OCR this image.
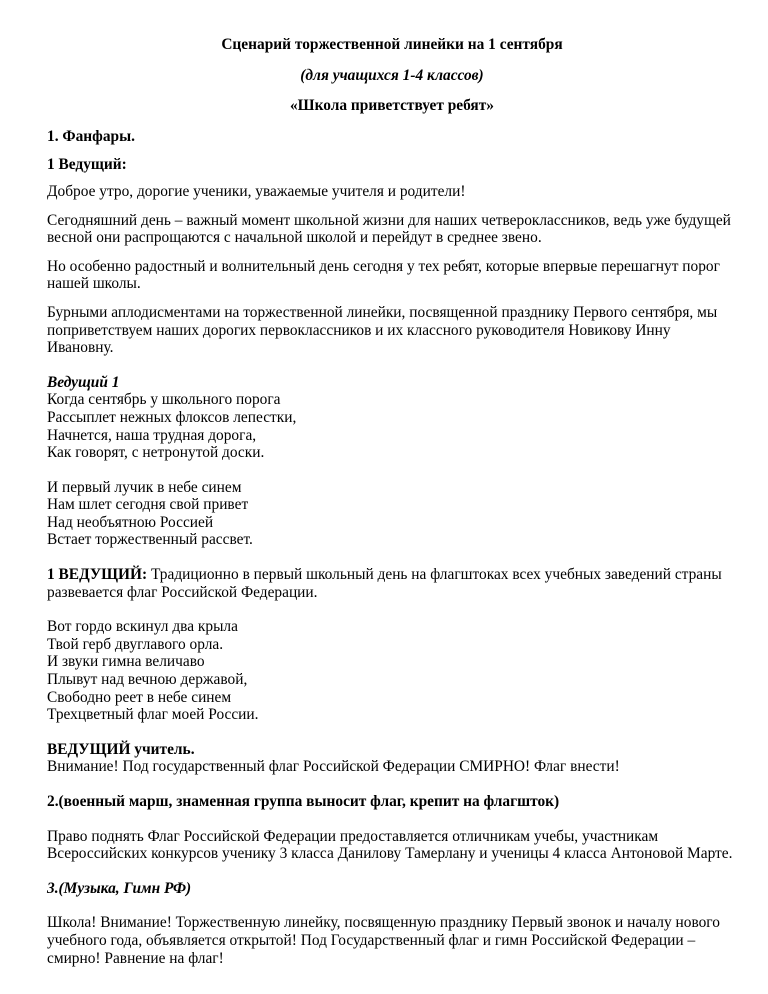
Сценарий торжественной линейки на 1 сентября
(для учащихся 1-4 классов)
«Школа приветствует ребят»
1. Фанфары.
1 Ведущий:

Доброе утро, дорогие ученики, уважаемые учителя и родители!

Сегодняшний день – важный момент школьной жизни для наших четвероклассников, ведь уже будущей весной они распрощаются с начальной школой и перейдут в среднее звено.

Но особенно радостный и волнительный день сегодня у тех ребят, которые впервые перешагнут порог нашей школы.

Бурными аплодисментами на торжественной линейки, посвященной празднику Первого сентября, мы поприветствуем наших дорогих первоклассников и их классного руководителя Новикову Инну Ивановну.

Ведущий 1
Когда сентябрь у школьного порога
Рассыплет нежных флоксов лепестки,
Начнется, наша трудная дорога,
Как говорят, с нетронутой доски.
И первый лучик в небе синем
Нам шлет сегодня свой привет
Над необъятною Россией
Встает торжественный рассвет.

1 ВЕДУЩИЙ: Традиционно в первый школьный день на флагштоках всех учебных заведений страны развевается флаг Российской Федерации.

Вот гордо вскинул два крыла
Твой герб двуглавого орла.
И звуки гимна величаво
Плывут над вечною державой,
Свободно реет в небе синем
Трехцветный флаг моей России.
ВЕДУЩИЙ учитель.

Внимание! Под государственный флаг Российской Федерации СМИРНО! Флаг внести!

2.(военный марш, знаменная группа выносит флаг, крепит на флагшток)

Право поднять Флаг Российской Федерации предоставляется отличникам учебы, участникам Всероссийских конкурсов ученику 3 класса Данилову Тамерлану и ученицы 4 класса Антоновой Марте.

3.(Музыка, Гимн РФ)

Школа! Внимание! Торжественную линейку, посвященную празднику Первый звонок и началу нового учебного года, объявляется открытой! Под Государственный флаг и гимн Российской Федерации – смирно! Равнение на флаг!
